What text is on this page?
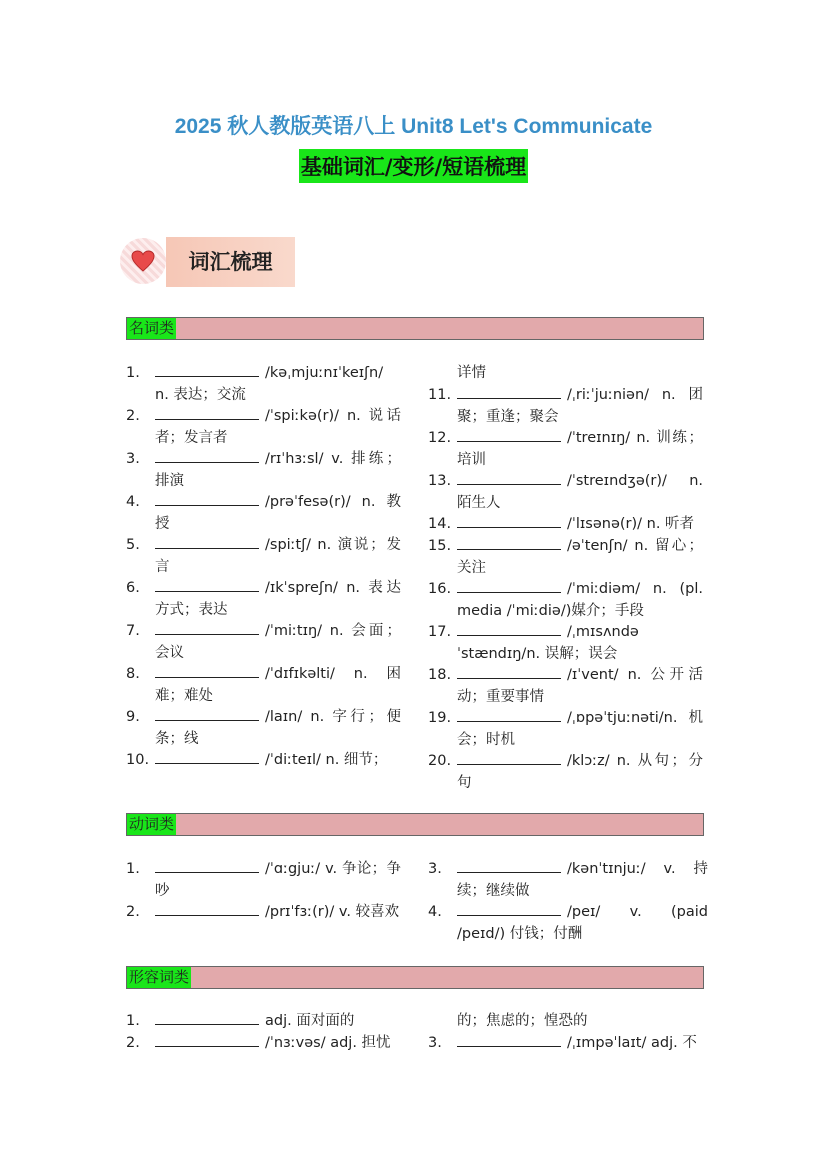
2025 秋人教版英语八上 Unit8 Let's Communicate
基础词汇/变形/短语梳理
词汇梳理
名词类
1.	/kəˌmjuːnɪˈkeɪʃn/ n. 表达；交流
2.	/ˈspiːkə(r)/ n. 说话者；发言者
3.	/rɪˈhɜːsl/ v. 排练；排演
4.	/prəˈfesə(r)/ n. 教授
5.	/spiːtʃ/ n. 演说；发言
6.	/ɪkˈspreʃn/ n. 表达方式；表达
7.	/ˈmiːtɪŋ/ n. 会面；会议
8.	/ˈdɪfɪkəlti/ n. 困难；难处
9.	/laɪn/ n. 字行；便条；线
10.	/ˈdiːteɪl/ n. 细节；
详情
11.	/ˌriːˈjuːniən/ n. 团聚；重逢；聚会
12.	/ˈtreɪnɪŋ/ n. 训练；培训
13.	/ˈstreɪndʒə(r)/ n. 陌生人
14.	/ˈlɪsənə(r)/ n. 听者
15.	/əˈtenʃn/ n. 留心；关注
16.	/ˈmiːdiəm/ n. (pl. media /ˈmiːdiə/)媒介；手段
17.	/ˌmɪsʌndəˈstændɪŋ/n. 误解；误会
18.	/ɪˈvent/ n. 公开活动；重要事情
19.	/ˌɒpəˈtjuːnəti/n. 机会；时机
20.	/klɔːz/ n. 从句；分句
动词类
1.	/ˈɑːgjuː/ v. 争论；争吵
2.	/prɪˈfɜː(r)/ v. 较喜欢
3.	/kənˈtɪnjuː/ v. 持续；继续做
4.	/peɪ/ v. (paid /peɪd/) 付钱；付酬
形容词类
1.	adj. 面对面的
2.	/ˈnɜːvəs/ adj. 担忧
的；焦虑的；惶恐的
3.	/ˌɪmpəˈlaɪt/ adj. 不
